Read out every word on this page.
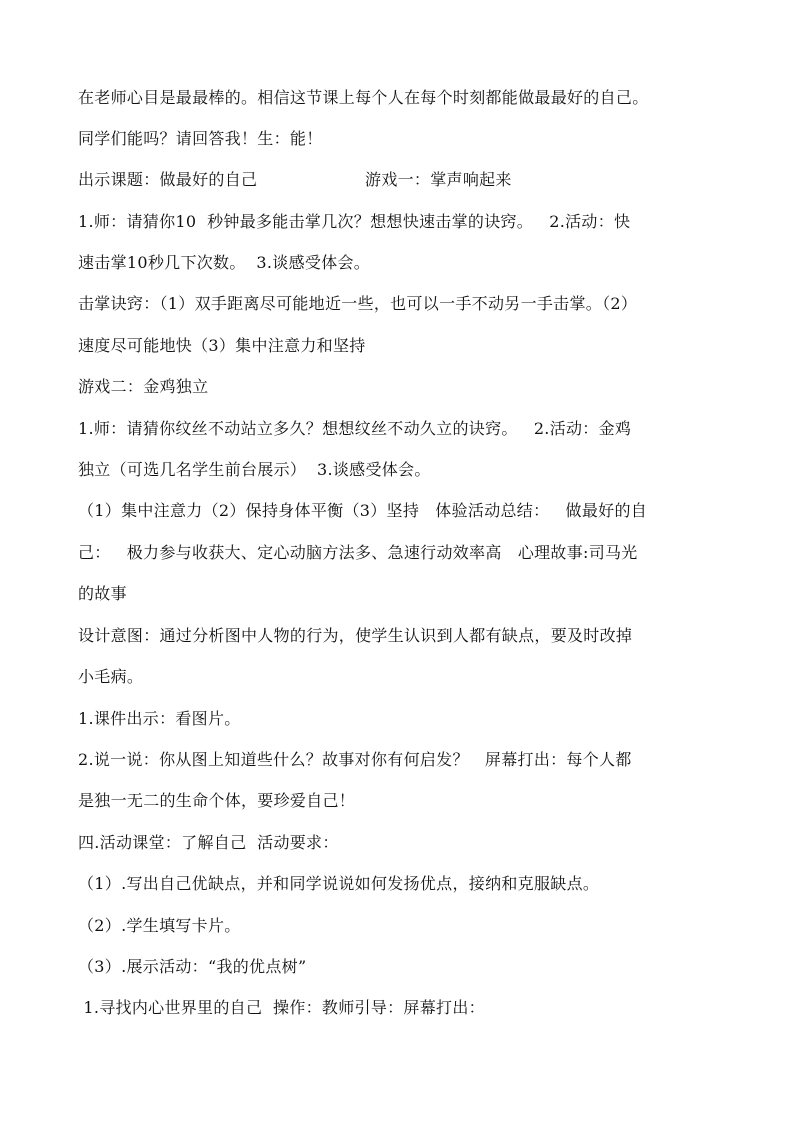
在老师心目是最最棒的。相信这节课上每个人在每个时刻都能做最最好的自己。
同学们能吗？请回答我！生：能！
出示课题：做最好的自己                    游戏一：掌声响起来
1.师：请猜你10  秒钟最多能击掌几次？想想快速击掌的诀窍。   2.活动：快
速击掌10秒几下次数。  3.谈感受体会。
击掌诀窍：（1）双手距离尽可能地近一些，也可以一手不动另一手击掌。（2）
速度尽可能地快（3）集中注意力和坚持
游戏二：金鸡独立
1.师：请猜你纹丝不动站立多久？想想纹丝不动久立的诀窍。   2.活动：金鸡
独立（可选几名学生前台展示）  3.谈感受体会。
（1）集中注意力（2）保持身体平衡（3）坚持   体验活动总结：   做最好的自
己：   极力参与收获大、定心动脑方法多、急速行动效率高   心理故事:司马光
的故事
设计意图：通过分析图中人物的行为，使学生认识到人都有缺点，要及时改掉
小毛病。
1.课件出示：看图片。
2.说一说：你从图上知道些什么？故事对你有何启发？   屏幕打出：每个人都
是独一无二的生命个体，要珍爱自己！
四.活动课堂：了解自己  活动要求：
（1）.写出自己优缺点，并和同学说说如何发扬优点，接纳和克服缺点。
（2）.学生填写卡片。
（3）.展示活动：“我的优点树”
1.寻找内心世界里的自己  操作：教师引导：屏幕打出：
